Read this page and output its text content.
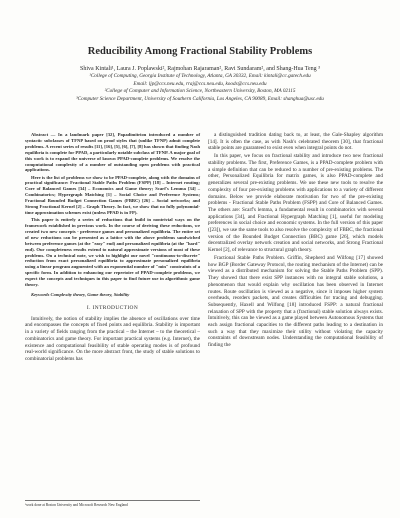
Reducibility Among Fractional Stability Problems
Shiva Kintali¹, Laura J. Poplawski², Rajmohan Rajaraman², Ravi Sundaram², and Shang-Hua Teng ³
¹College of Computing, Georgia Institute of Technology, Atlanta, GA 30332, Email: kintali@cc.gatech.edu
Email: ljp@ccs.neu.edu, rraj@ccs.neu.edu, koods@ccs.neu.edu
²College of Computer and Information Science, Northeastern University, Boston, MA 02115
³Computer Science Department, University of Southern California, Los Angeles, CA 90089, Email: shanghua@usc.edu

Abstract — In a landmark paper [32], Papadimitriou introduced a number of syntactic subclasses of TFNP based on proof styles that (unlike TFNP) admit complete problems. A recent series of results [11], [16], [5], [6], [7], [8] has shown that finding Nash equilibria is complete for PPAD, a particularly notable subclass of TFNP. A major goal of this work is to expand the universe of known PPAD-complete problems. We resolve the computational complexity of a number of outstanding open problems with practical applications.

Here is the list of problems we show to be PPAD-complete, along with the domains of practical significance: Fractional Stable Paths Problem (FSPP) [18] – Internet routing; Core of Balanced Games [34] – Economics and Game theory; Scarf's Lemma [34] – Combinatorics; Hypergraph Matching [1] – Social Choice and Preference Systems; Fractional Bounded Budget Connection Games (FBBC) [26] – Social networks; and Strong Fractional Kernel [2] – Graph Theory. In fact, we show that no fully polynomial-time approximation schemes exist (unless PPAD is in FP).

This paper is entirely a series of reductions that build in nontrivial ways on the framework established in previous work. In the course of deriving these reductions, we created two new concepts - preference games and personalized equilibria. The entire set of new reductions can be presented as a lattice with the above problems sandwiched between preference games (at the "easy" end) and personalized equilibria (at the "hard" end). Our completeness results extend to natural approximate versions of most of these problems. On a technical note, we wish to highlight our novel "continuous-to-discrete" reduction from exact personalized equilibria to approximate personalized equilibria using a linear program augmented with an exponential number of "min" constraints of a specific form. In addition to enhancing our repertoire of PPAD-complete problems, we expect the concepts and techniques in this paper to find future use in algorithmic game theory.

Keywords Complexity theory, Game theory, Stability

I. INTRODUCTION

Intuitively, the notion of stability implies the absence of oscillations over time and encompasses the concepts of fixed points and equilibria. Stability is important in a variety of fields ranging from the practical – the Internet – to the theoretical – combinatorics and game theory. For important practical systems (e.g. Internet), the existence and computational feasibility of stable operating modes is of profound real-world significance. On the more abstract front, the study of stable solutions to combinatorial problems has

a distinguished tradition dating back to, at least, the Gale-Shapley algorithm [14]. It is often the case, as with Nash's celebrated theorem [30], that fractional stable points are guaranteed to exist even when integral points do not.

In this paper, we focus on fractional stability and introduce two new fractional stability problems. The first, Preference Games, is a PPAD-complete problem with a simple definition that can be reduced to a number of pre-existing problems. The other, Personalized Equilibria for matrix games, is also PPAD-complete and generalizes several pre-existing problems. We use these new tools to resolve the complexity of four pre-existing problems with applications to a variety of different domains. Below we provide elaborate motivation for two of the pre-existing problems - Fractional Stable Paths Problem (FSPP) and Core of Balanced Games. The others are: Scarf's lemma, a fundamental result in combinatorics with several applications [34], and Fractional Hypergraph Matching [1], useful for modeling preferences in social choice and economic systems. In the full version of this paper ([23]), we use the same tools to also resolve the complexity of FBBC, the fractional version of the Bounded Budget Connection (BBC) game [26], which models decentralized overlay network creation and social networks, and Strong Fractional Kernel [2], of relevance to structural graph theory.

Fractional Stable Paths Problem. Griffin, Shepherd and Wilfong [17] showed how BGP (Border Gateway Protocol, the routing mechanism of the Internet) can be viewed as a distributed mechanism for solving the Stable Paths Problem (SPP). They showed that there exist SPP instances with no integral stable solutions, a phenomenon that would explain why oscillation has been observed in Internet routes. Route oscillation is viewed as a negative, since it imposes higher system overheads, reorders packets, and creates difficulties for tracing and debugging. Subsequently, Haxell and Wilfong [18] introduced FSPP: a natural fractional relaxation of SPP with the property that a (fractional) stable solution always exists. Intuitively, this can be viewed as a game played between Autonomous Systems that each assign fractional capacities to the different paths leading to a destination in such a way that they maximize their utility without violating the capacity constraints of downstream nodes. Understanding the computational feasibility of finding the

¹work done at Boston University and Microsoft Research New England
